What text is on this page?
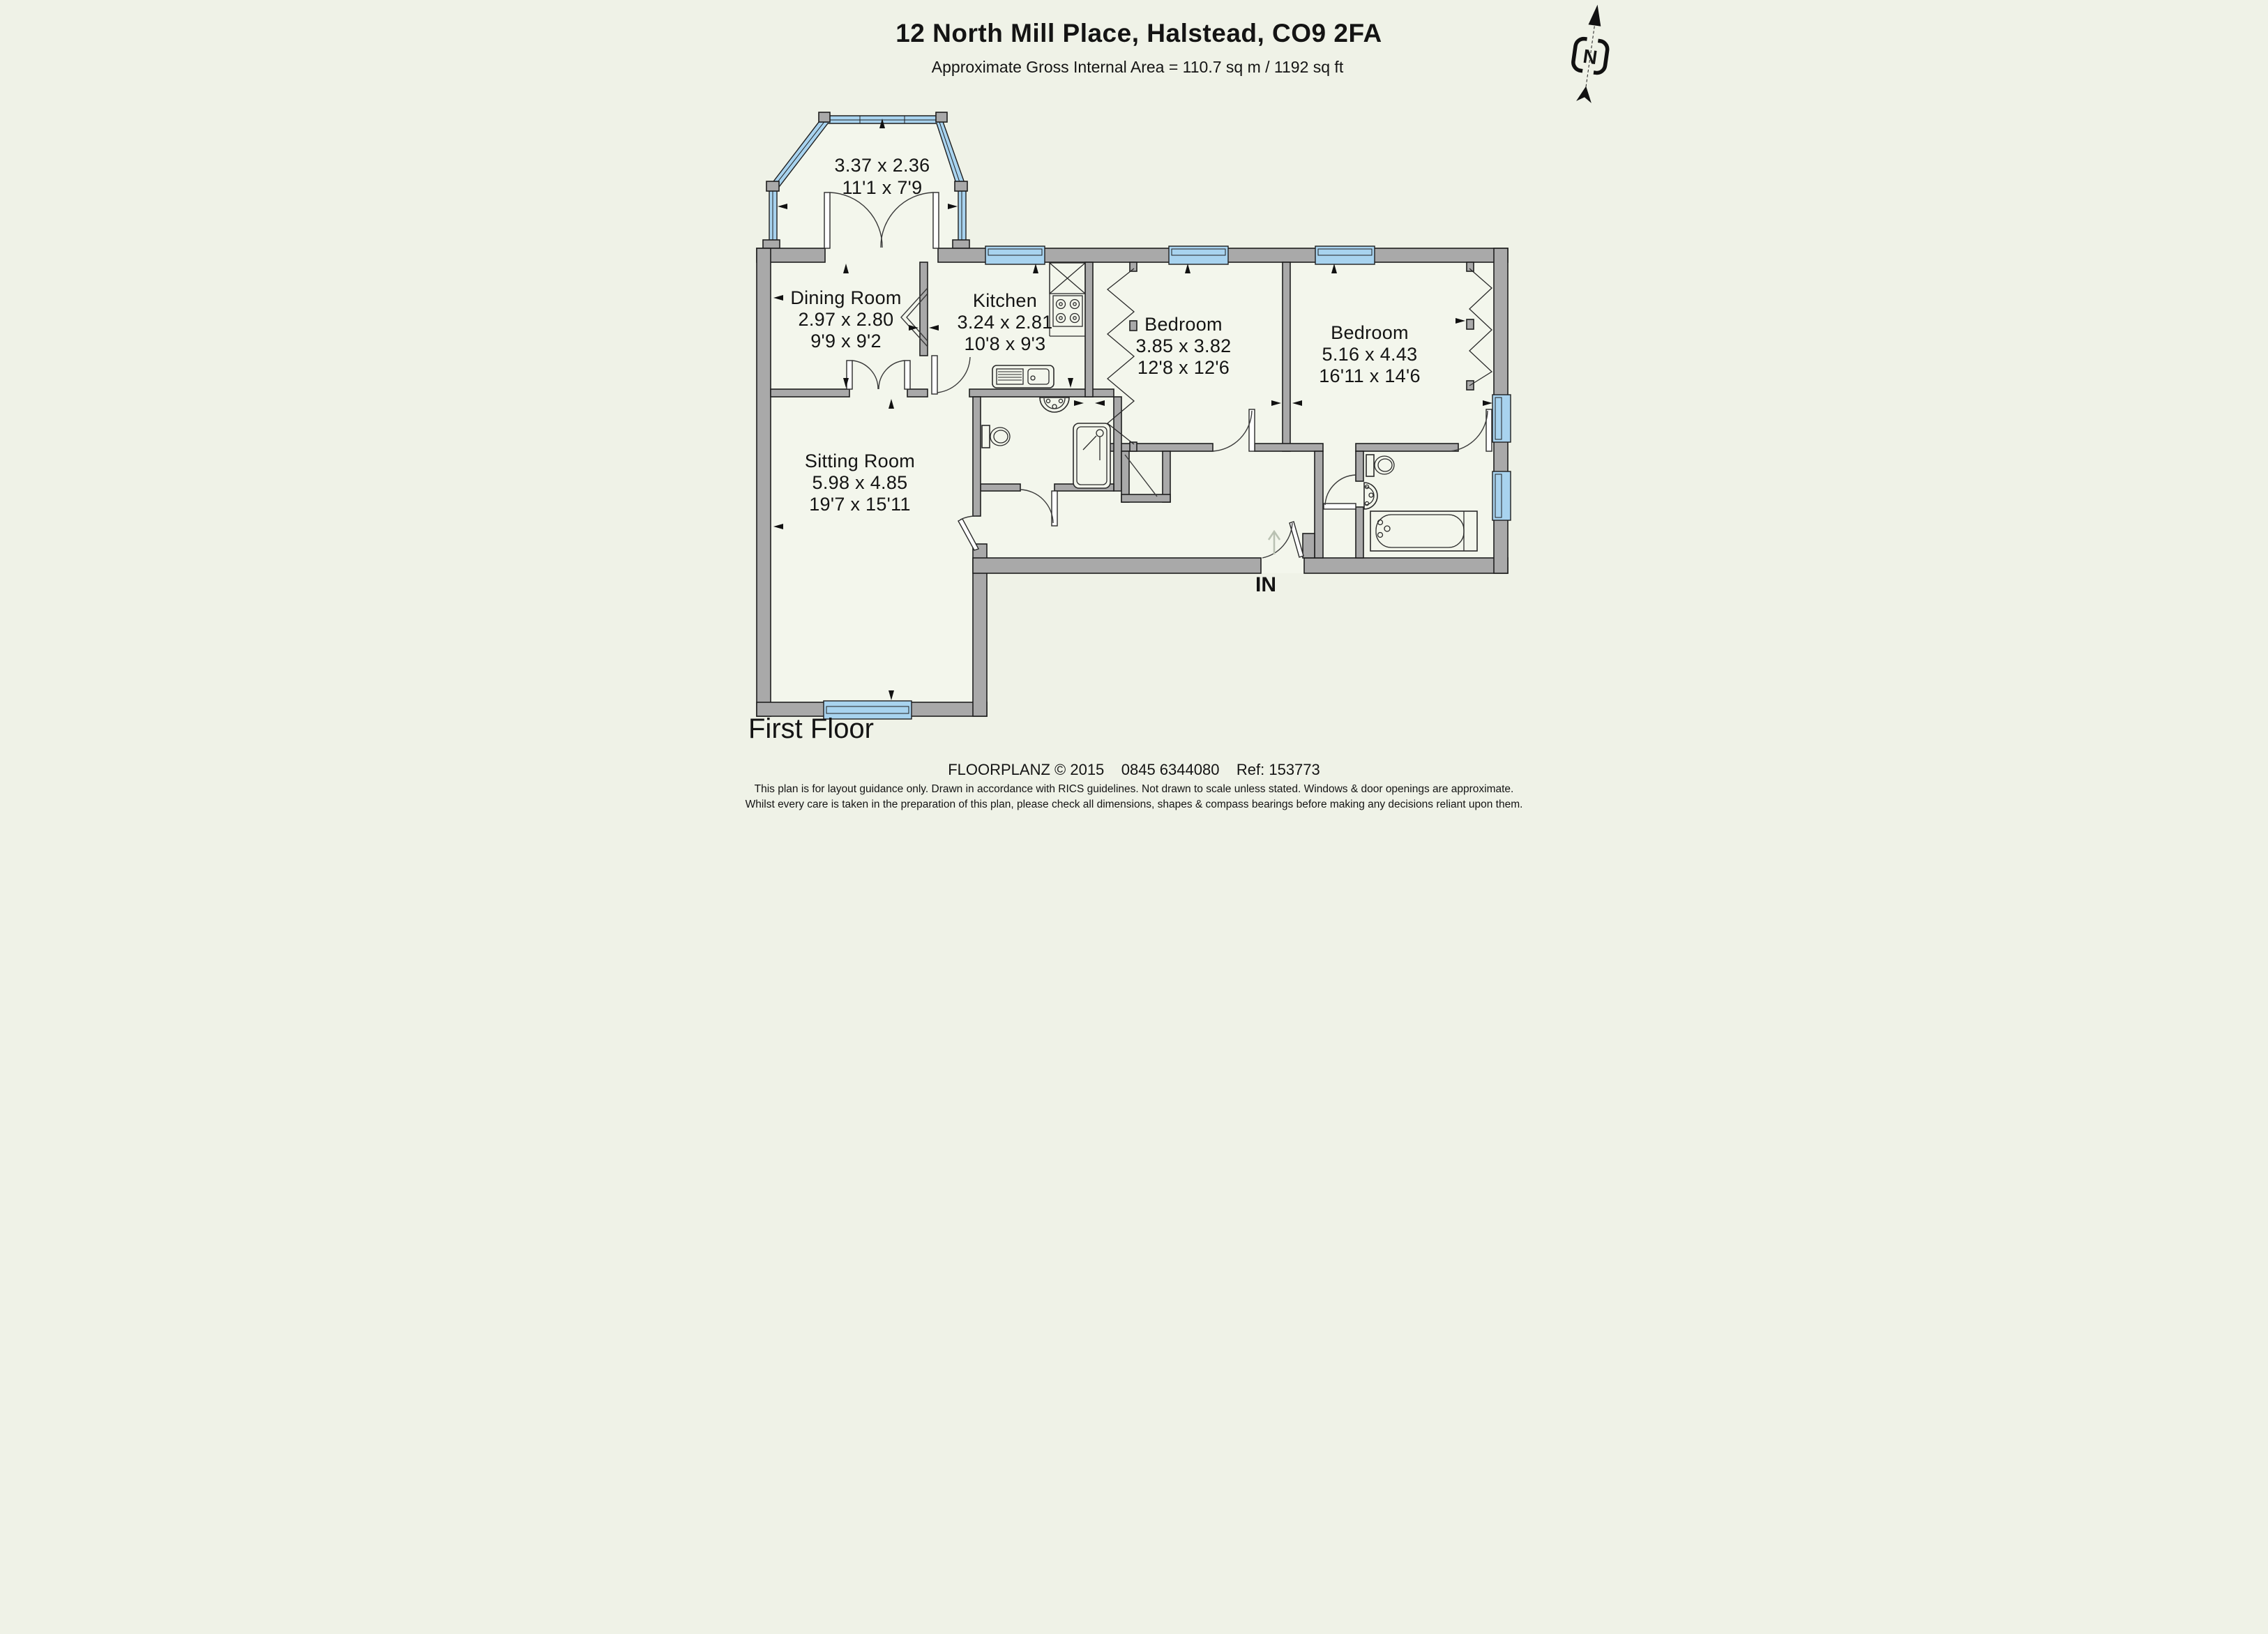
12 North Mill Place, Halstead, CO9 2FA
Approximate Gross Internal Area = 110.7 sq m / 1192 sq ft	N
3.37 x 2.36
11'1 x 7'9
Dining Room
2.97 x 2.80
9'9 x 9'2
Kitchen
3.24 x 2.81
10'8 x 9'3
Bedroom
3.85 x 3.82
12'8 x 12'6
Bedroom
5.16 x 4.43
16'11 x 14'6
Sitting Room
5.98 x 4.85
19'7 x 15'11
IN
First Floor
FLOORPLANZ © 2015    0845 6344080    Ref: 153773
This plan is for layout guidance only. Drawn in accordance with RICS guidelines. Not drawn to scale unless stated. Windows & door openings are approximate.
Whilst every care is taken in the preparation of this plan, please check all dimensions, shapes & compass bearings before making any decisions reliant upon them.
